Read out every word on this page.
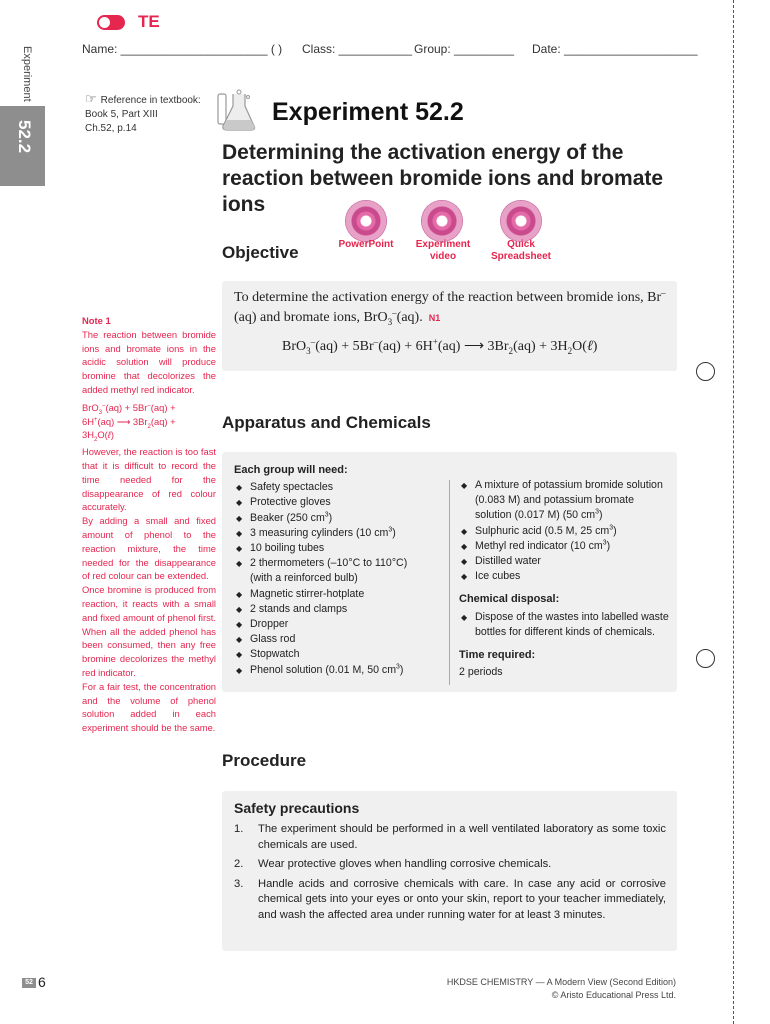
TE
Name: ______________________ ( ) Class: ___________ Group: _________ Date: ____________________
Experiment
52.2
☞ Reference in textbook:
Book 5, Part XIII
Ch.52, p.14
Experiment 52.2
Determining the activation energy of the reaction between bromide ions and bromate ions
PowerPoint	Experiment video
Quick Spreadsheet
Objective
To determine the activation energy of the reaction between bromide ions, Br–(aq) and bromate ions, BrO$_3$–(aq). N1
BrO$_3$–(aq) + 5Br–(aq) + 6H+(aq) ⟶ $3Br_2(aq)$ + $3H_2O(\ell)$

Note 1

The reaction between bromide ions and bromate ions in the acidic solution will produce bromine that decolorizes the added methyl red indicator.

BrO$_3$–(aq) + 5Br–(aq) +

6H+(aq) ⟶ $3Br_2(aq)$ +

$3H_2O(\ell)$

However, the reaction is too fast that it is difficult to record the time needed for the disappearance of red colour accurately.

By adding a small and fixed amount of phenol to the reaction mixture, the time needed for the disappearance of red colour can be extended.

Once bromine is produced from reaction, it reacts with a small and fixed amount of phenol first. When all the added phenol has been consumed, then any free bromine decolorizes the methyl red indicator.

For a fair test, the concentration and the volume of phenol solution added in each experiment should be the same.

Apparatus and Chemicals
Each group will need:
◆ Safety spectacles
◆ Protective gloves
◆ Beaker (250 $cm^3$)
◆ 3 measuring cylinders (10 $cm^3$)
◆ 10 boiling tubes
◆ 2 thermometers (–10°C to 110°C)
(with a reinforced bulb)
◆ Magnetic stirrer-hotplate
◆ 2 stands and clamps
◆ Dropper
◆ Glass rod
◆ Stopwatch
◆ Phenol solution (0.01 M, 50 $cm^3$)
◆ A mixture of potassium bromide solution (0.083 M) and potassium bromate solution (0.017 M) (50 $cm^3$)
◆ Sulphuric acid (0.5 M, 25 $cm^3$)
◆ Methyl red indicator (10 $cm^3$)
◆ Distilled water
◆ Ice cubes
Chemical disposal:
◆ Dispose of the wastes into labelled waste bottles for different kinds of chemicals.
Time required:
2 periods
Procedure
Safety precautions
1. The experiment should be performed in a well ventilated laboratory as some toxic chemicals are used.
2. Wear protective gloves when handling corrosive chemicals.
3. Handle acids and corrosive chemicals with care. In case any acid or corrosive chemical gets into your eyes or onto your skin, report to your teacher immediately, and wash the affected area under running water for at least 3 minutes.
52 6	HKDSE CHEMISTRY — A Modern View (Second Edition)
© Aristo Educational Press Ltd.
